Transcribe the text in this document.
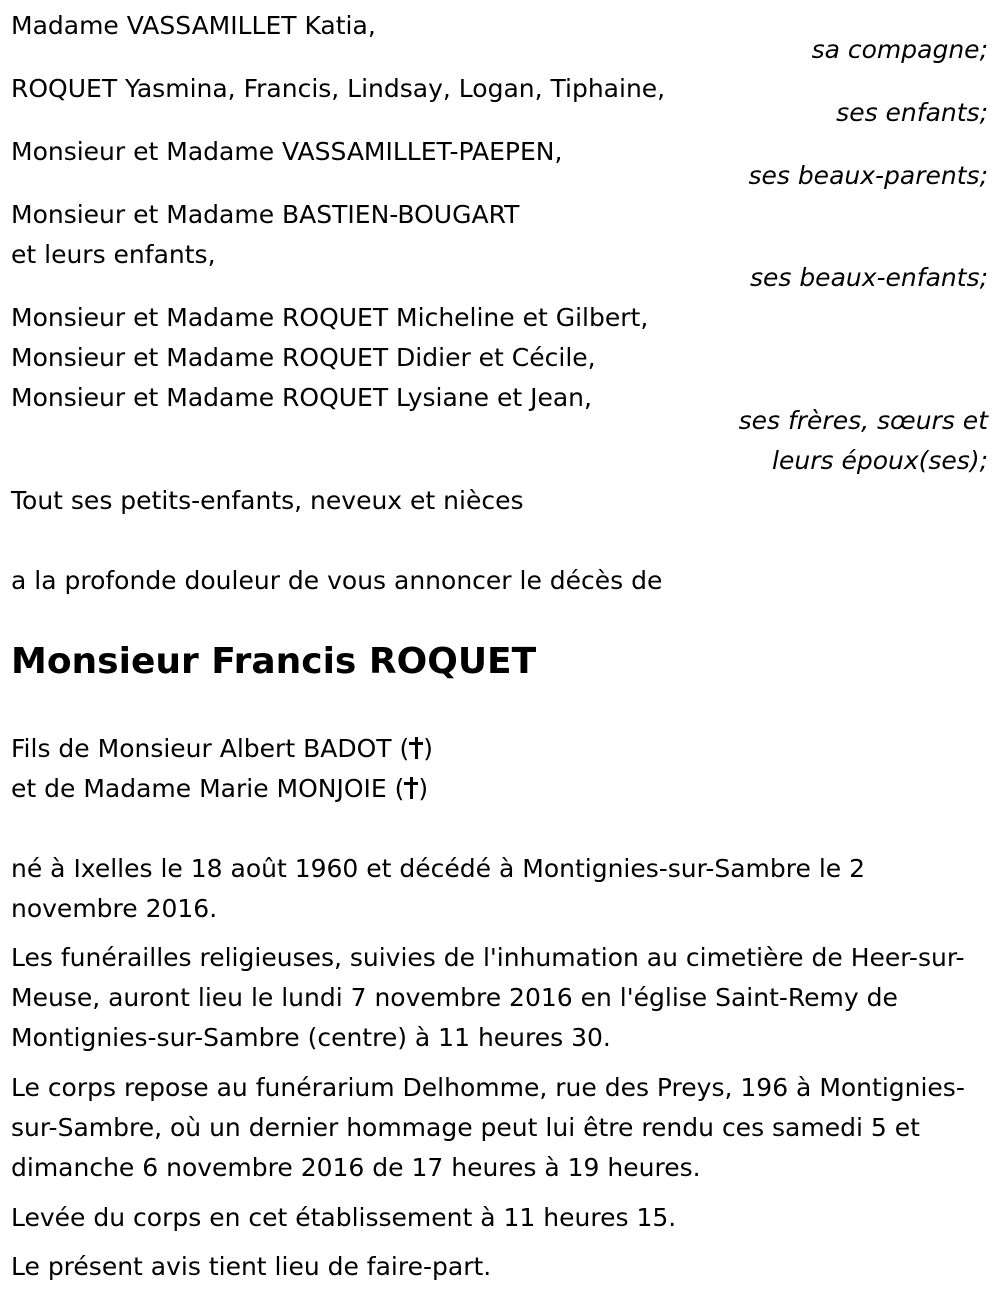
Madame VASSAMILLET Katia,
sa compagne;
ROQUET Yasmina, Francis, Lindsay, Logan, Tiphaine,
ses enfants;
Monsieur et Madame VASSAMILLET-PAEPEN,
ses beaux-parents;
Monsieur et Madame BASTIEN-BOUGART
et leurs enfants,
ses beaux-enfants;
Monsieur et Madame ROQUET Micheline et Gilbert,
Monsieur et Madame ROQUET Didier et Cécile,
Monsieur et Madame ROQUET Lysiane et Jean,
ses frères, sœurs et
leurs époux(ses);
Tout ses petits-enfants, neveux et nièces
a la profonde douleur de vous annoncer le décès de
Monsieur Francis ROQUET
Fils de Monsieur Albert BADOT ( )
et de Madame Marie MONJOIE ( )
né à Ixelles le 18 août 1960 et décédé à Montignies-sur-Sambre le 2 novembre 2016.
Les funérailles religieuses, suivies de l'inhumation au cimetière de Heer-sur-Meuse, auront lieu le lundi 7 novembre 2016 en l'église Saint-Remy de Montignies-sur-Sambre (centre) à 11 heures 30.
Le corps repose au funérarium Delhomme, rue des Preys, 196 à Montignies-sur-Sambre, où un dernier hommage peut lui être rendu ces samedi 5 et dimanche 6 novembre 2016 de 17 heures à 19 heures.
Levée du corps en cet établissement à 11 heures 15.
Le présent avis tient lieu de faire-part.
